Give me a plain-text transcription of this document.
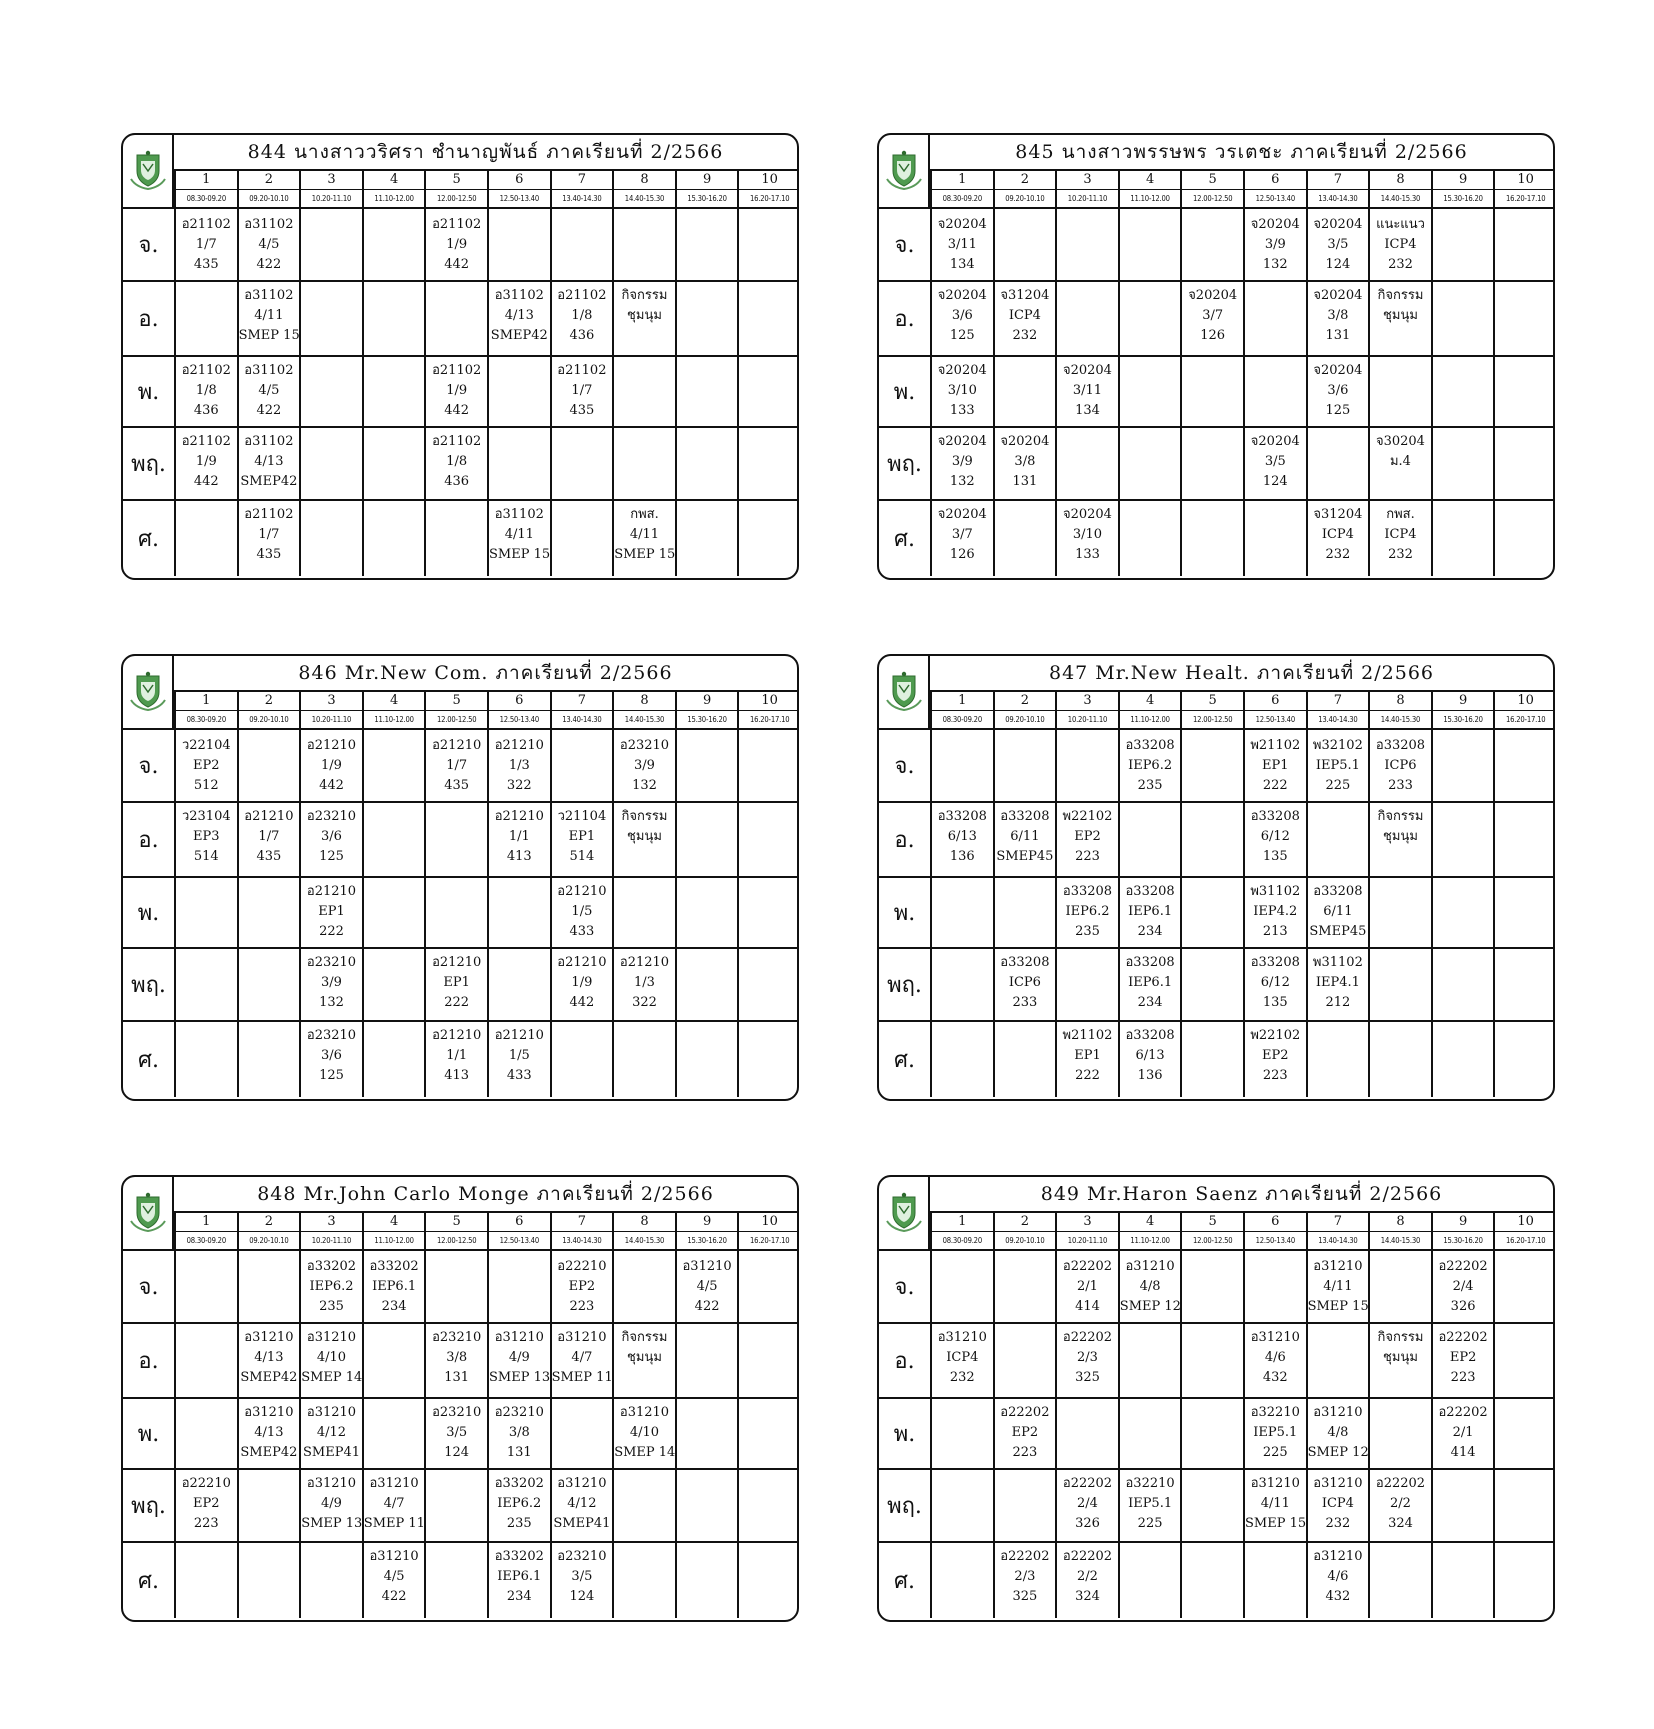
844 นางสาววริศรา ชำนาญพันธ์ ภาคเรียนที่ 2/2566
1
08.30-09.20
2
09.20-10.10
3
10.20-11.10
4
11.10-12.00
5
12.00-12.50
6
12.50-13.40
7
13.40-14.30
8
14.40-15.30
9
15.30-16.20
10
16.20-17.10
จ.
อ21102
1/7
435
อ31102
4/5
422
อ21102
1/9
442
อ.
อ31102
4/11
SMEP 15
อ31102
4/13
SMEP42
อ21102
1/8
436
กิจกรรม
ชุมนุม
พ.
อ21102
1/8
436
อ31102
4/5
422
อ21102
1/9
442
อ21102
1/7
435
พฤ.
อ21102
1/9
442
อ31102
4/13
SMEP42
อ21102
1/8
436
ศ.
อ21102
1/7
435
อ31102
4/11
SMEP 15
กพส.
4/11
SMEP 15
845 นางสาวพรรษพร วรเตชะ ภาคเรียนที่ 2/2566
1
08.30-09.20
2
09.20-10.10
3
10.20-11.10
4
11.10-12.00
5
12.00-12.50
6
12.50-13.40
7
13.40-14.30
8
14.40-15.30
9
15.30-16.20
10
16.20-17.10
จ.
จ20204
3/11
134
จ20204
3/9
132
จ20204
3/5
124
แนะแนว
ICP4
232
อ.
จ20204
3/6
125
จ31204
ICP4
232
จ20204
3/7
126
จ20204
3/8
131
กิจกรรม
ชุมนุม
พ.
จ20204
3/10
133
จ20204
3/11
134
จ20204
3/6
125
พฤ.
จ20204
3/9
132
จ20204
3/8
131
จ20204
3/5
124
จ30204
ม.4
ศ.
จ20204
3/7
126
จ20204
3/10
133
จ31204
ICP4
232
กพส.
ICP4
232
846 Mr.New Com. ภาคเรียนที่ 2/2566
1
08.30-09.20
2
09.20-10.10
3
10.20-11.10
4
11.10-12.00
5
12.00-12.50
6
12.50-13.40
7
13.40-14.30
8
14.40-15.30
9
15.30-16.20
10
16.20-17.10
จ.
ว22104
EP2
512
อ21210
1/9
442
อ21210
1/7
435
อ21210
1/3
322
อ23210
3/9
132
อ.
ว23104
EP3
514
อ21210
1/7
435
อ23210
3/6
125
อ21210
1/1
413
ว21104
EP1
514
กิจกรรม
ชุมนุม
พ.
อ21210
EP1
222
อ21210
1/5
433
พฤ.
อ23210
3/9
132
อ21210
EP1
222
อ21210
1/9
442
อ21210
1/3
322
ศ.
อ23210
3/6
125
อ21210
1/1
413
อ21210
1/5
433
847 Mr.New Healt. ภาคเรียนที่ 2/2566
1
08.30-09.20
2
09.20-10.10
3
10.20-11.10
4
11.10-12.00
5
12.00-12.50
6
12.50-13.40
7
13.40-14.30
8
14.40-15.30
9
15.30-16.20
10
16.20-17.10
จ.
อ33208
IEP6.2
235
พ21102
EP1
222
พ32102
IEP5.1
225
อ33208
ICP6
233
อ.
อ33208
6/13
136
อ33208
6/11
SMEP45
พ22102
EP2
223
อ33208
6/12
135
กิจกรรม
ชุมนุม
พ.
อ33208
IEP6.2
235
อ33208
IEP6.1
234
พ31102
IEP4.2
213
อ33208
6/11
SMEP45
พฤ.
อ33208
ICP6
233
อ33208
IEP6.1
234
อ33208
6/12
135
พ31102
IEP4.1
212
ศ.
พ21102
EP1
222
อ33208
6/13
136
พ22102
EP2
223
848 Mr.John Carlo Monge ภาคเรียนที่ 2/2566
1
08.30-09.20
2
09.20-10.10
3
10.20-11.10
4
11.10-12.00
5
12.00-12.50
6
12.50-13.40
7
13.40-14.30
8
14.40-15.30
9
15.30-16.20
10
16.20-17.10
จ.
อ33202
IEP6.2
235
อ33202
IEP6.1
234
อ22210
EP2
223
อ31210
4/5
422
อ.
อ31210
4/13
SMEP42
อ31210
4/10
SMEP 14
อ23210
3/8
131
อ31210
4/9
SMEP 13
อ31210
4/7
SMEP 11
กิจกรรม
ชุมนุม
พ.
อ31210
4/13
SMEP42
อ31210
4/12
SMEP41
อ23210
3/5
124
อ23210
3/8
131
อ31210
4/10
SMEP 14
พฤ.
อ22210
EP2
223
อ31210
4/9
SMEP 13
อ31210
4/7
SMEP 11
อ33202
IEP6.2
235
อ31210
4/12
SMEP41
ศ.
อ31210
4/5
422
อ33202
IEP6.1
234
อ23210
3/5
124
849 Mr.Haron Saenz ภาคเรียนที่ 2/2566
1
08.30-09.20
2
09.20-10.10
3
10.20-11.10
4
11.10-12.00
5
12.00-12.50
6
12.50-13.40
7
13.40-14.30
8
14.40-15.30
9
15.30-16.20
10
16.20-17.10
จ.
อ22202
2/1
414
อ31210
4/8
SMEP 12
อ31210
4/11
SMEP 15
อ22202
2/4
326
อ.
อ31210
ICP4
232
อ22202
2/3
325
อ31210
4/6
432
กิจกรรม
ชุมนุม
อ22202
EP2
223
พ.
อ22202
EP2
223
อ32210
IEP5.1
225
อ31210
4/8
SMEP 12
อ22202
2/1
414
พฤ.
อ22202
2/4
326
อ32210
IEP5.1
225
อ31210
4/11
SMEP 15
อ31210
ICP4
232
อ22202
2/2
324
ศ.
อ22202
2/3
325
อ22202
2/2
324
อ31210
4/6
432
